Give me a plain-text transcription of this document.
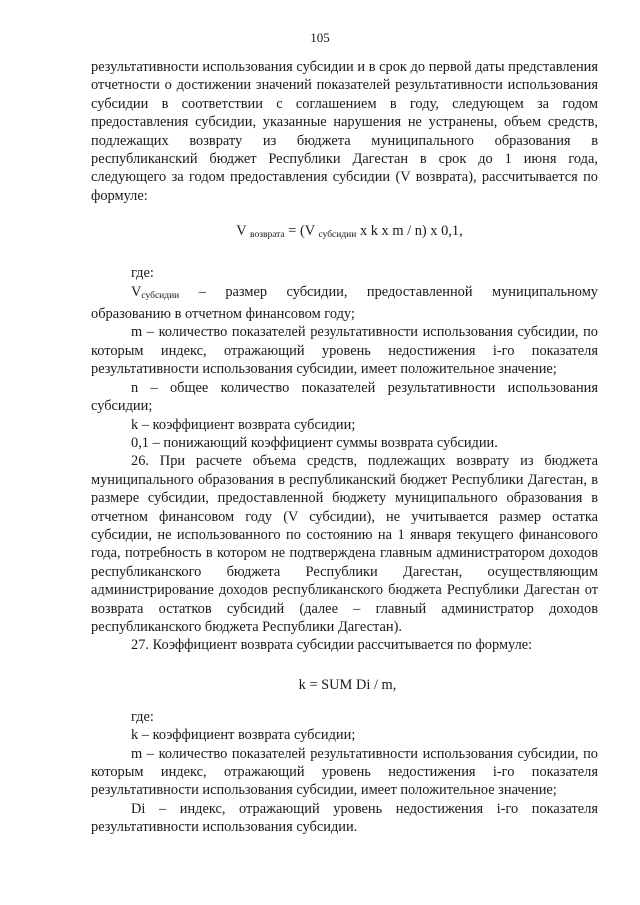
105

результативности использования субсидии и в срок до первой даты представления отчетности о достижении значений показателей результативности использования субсидии в соответствии с соглашением в году, следующем за годом предоставления субсидии, указанные нарушения не устранены, объем средств, подлежащих возврату из бюджета муниципального образования в республиканский бюджет Республики Дагестан в срок до 1 июня года, следующего за годом предоставления субсидии (V возврата), рассчитывается по формуле:

V $_{возврата}$ = (V $_{субсидии}$ x k x m / n) x 0,1,

где:

Vсубсидии – размер субсидии, предоставленной муниципальному образованию в отчетном финансовом году;

m – количество показателей результативности использования субсидии, по которым индекс, отражающий уровень недостижения i-го показателя результативности использования субсидии, имеет положительное значение;

n – общее количество показателей результативности использования субсидии;

k – коэффициент возврата субсидии;

0,1 – понижающий коэффициент суммы возврата субсидии.

26. При расчете объема средств, подлежащих возврату из бюджета муниципального образования в республиканский бюджет Республики Дагестан, в размере субсидии, предоставленной бюджету муниципального образования в отчетном финансовом году (V субсидии), не учитывается размер остатка субсидии, не использованного по состоянию на 1 января текущего финансового года, потребность в котором не подтверждена главным администратором доходов республиканского бюджета Республики Дагестан, осуществляющим администрирование доходов республиканского бюджета Республики Дагестан от возврата остатков субсидий (далее – главный администратор доходов республиканского бюджета Республики Дагестан).

27. Коэффициент возврата субсидии рассчитывается по формуле:

k = SUM Di / m,

где:

k – коэффициент возврата субсидии;

m – количество показателей результативности использования субсидии, по которым индекс, отражающий уровень недостижения i-го показателя результативности использования субсидии, имеет положительное значение;

Di – индекс, отражающий уровень недостижения i-го показателя результативности использования субсидии.
